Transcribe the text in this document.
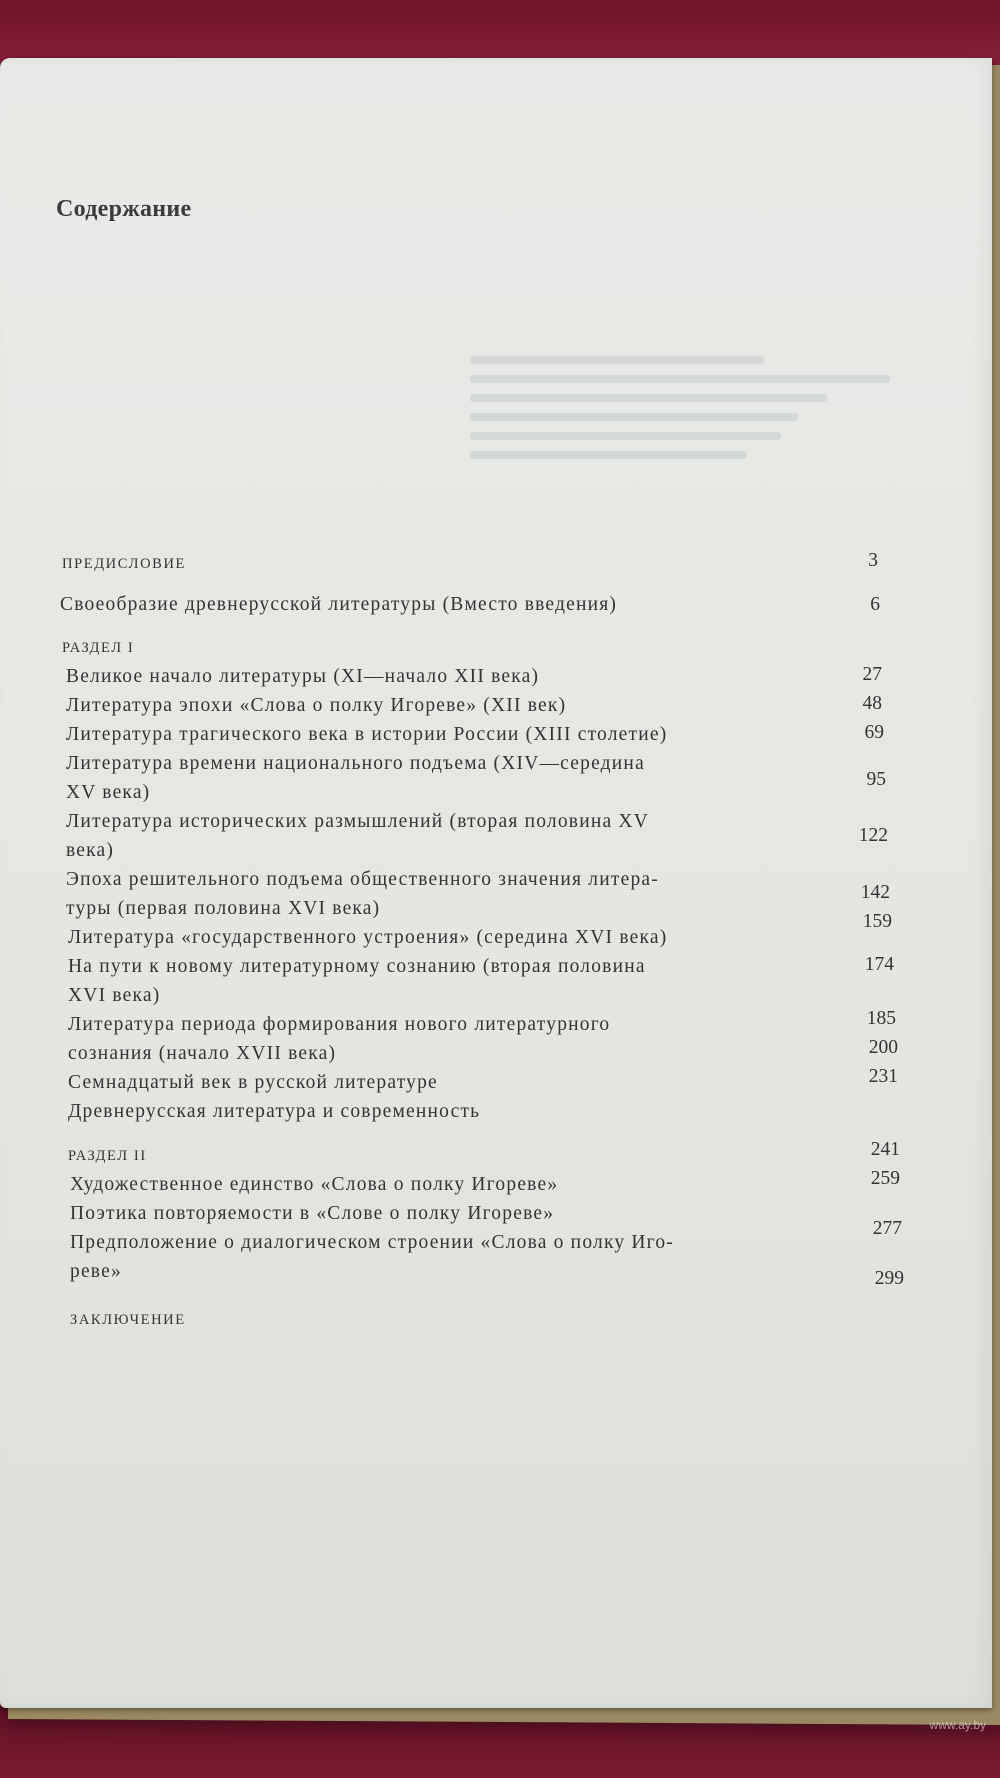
Содержание
ПРЕДИСЛОВИЕ
Своеобразие древнерусской литературы (Вместо введения)
РАЗДЕЛ I
Великое начало литературы (XI—начало XII века)
Литература эпохи «Слова о полку Игореве» (XII век)
Литература трагического века в истории России (XIII столетие)
Литература времени национального подъема (XIV—середина
XV века)
Литература исторических размышлений (вторая половина XV
века)
Эпоха решительного подъема общественного значения литера-
туры (первая половина XVI века)
Литература «государственного устроения» (середина XVI века)
На пути к новому литературному сознанию (вторая половина
XVI века)
Литература периода формирования нового литературного
сознания (начало XVII века)
Семнадцатый век в русской литературе
Древнерусская литература и современность
РАЗДЕЛ II
Художественное единство «Слова о полку Игореве»
Поэтика повторяемости в «Слове о полку Игореве»
Предположение о диалогическом строении «Слова о полку Иго-
реве»
ЗАКЛЮЧЕНИЕ
3
6
27
48
69
95
122
142
159
174
185
200
231
241
259
277
299
www.ay.by
